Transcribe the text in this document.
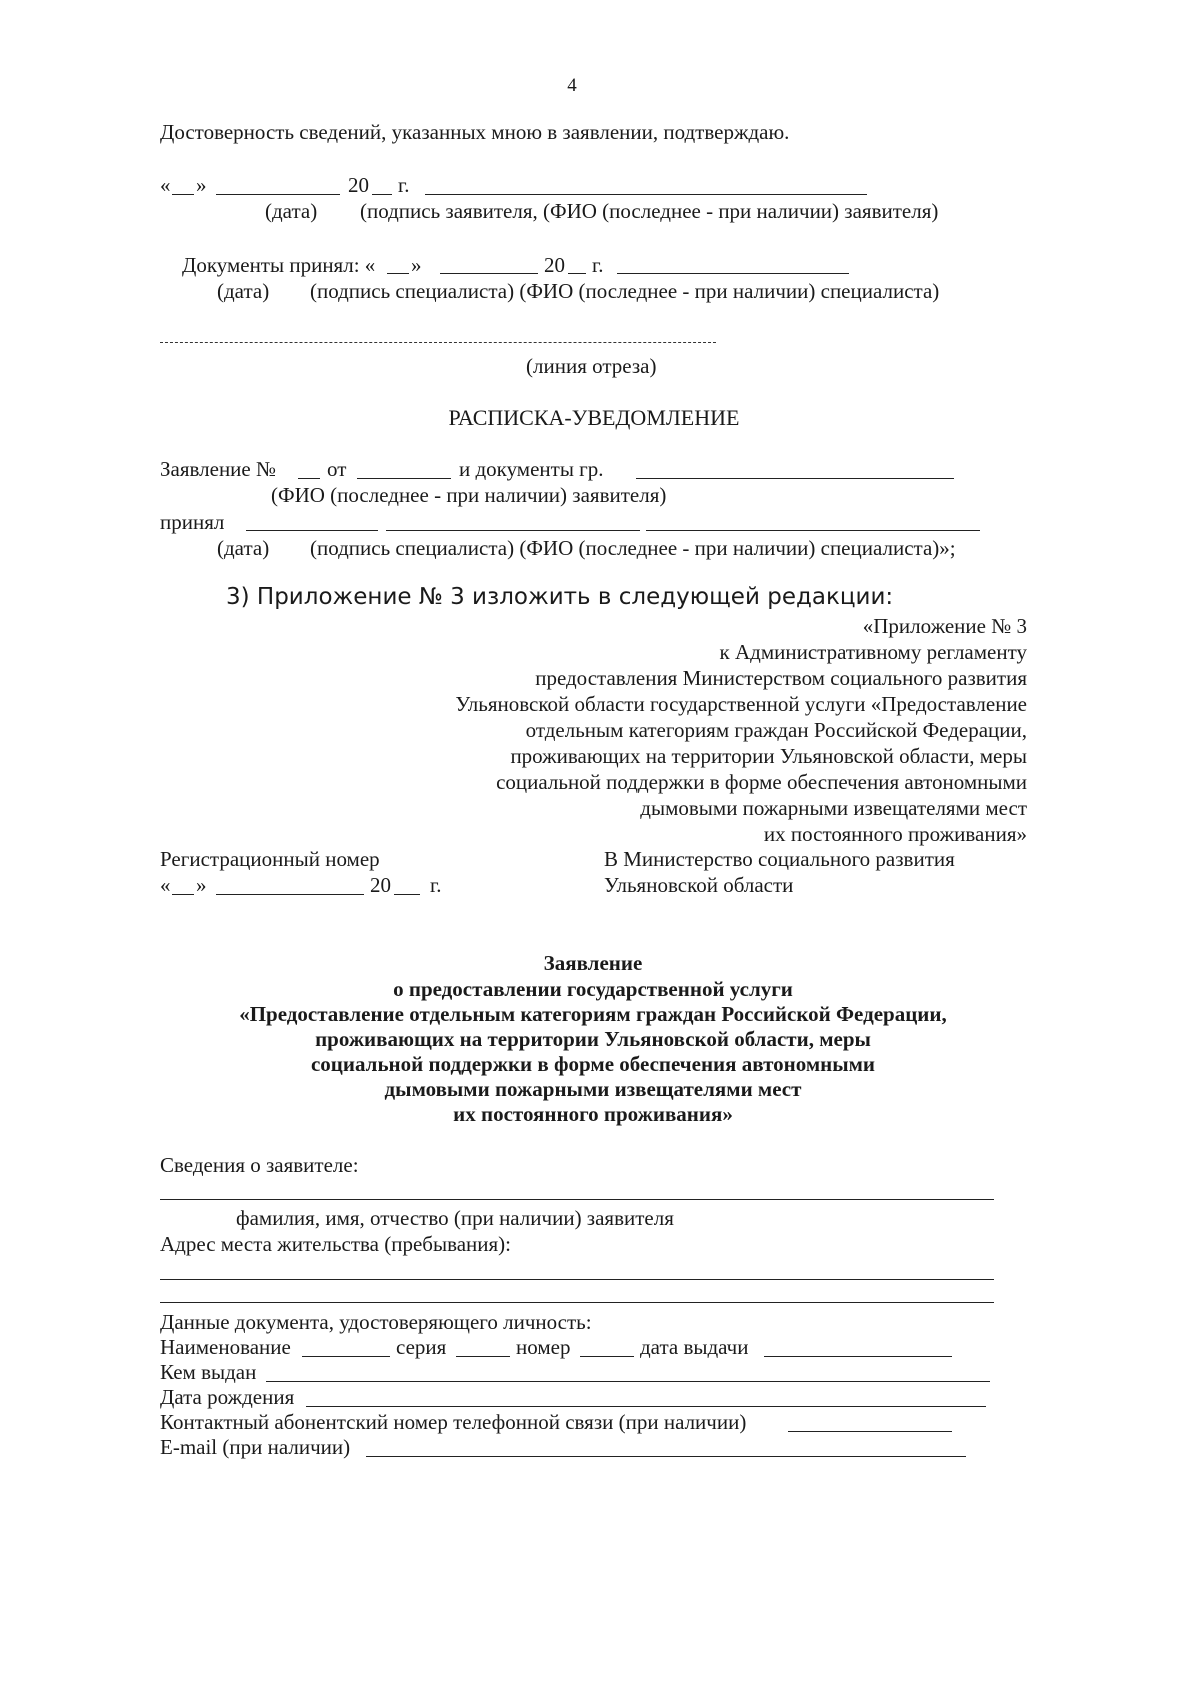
4
Достоверность сведений, указанных мною в заявлении, подтверждаю.
« »	20 г.
(дата) (подпись заявителя, (ФИО (последнее - при наличии) заявителя)
Документы принял: « »	20 г.
(дата) (подпись специалиста) (ФИО (последнее - при наличии) специалиста)
(линия отреза)
РАСПИСКА-УВЕДОМЛЕНИЕ
Заявление № от	и документы гр.
(ФИО (последнее - при наличии) заявителя)
принял
(дата) (подпись специалиста) (ФИО (последнее - при наличии) специалиста)»;
3) Приложение № 3 изложить в следующей редакции:
«Приложение № 3
к Административному регламенту
предоставления Министерством социального развития
Ульяновской области государственной услуги «Предоставление
отдельным категориям граждан Российской Федерации,
проживающих на территории Ульяновской области, меры
социальной поддержки в форме обеспечения автономными
дымовыми пожарными извещателями мест
их постоянного проживания»
Регистрационный номер
« »	20 г.
В Министерство социального развития
Ульяновской области
Заявление
о предоставлении государственной услуги
«Предоставление отдельным категориям граждан Российской Федерации,
проживающих на территории Ульяновской области, меры
социальной поддержки в форме обеспечения автономными
дымовыми пожарными извещателями мест
их постоянного проживания»
Сведения о заявителе:
фамилия, имя, отчество (при наличии) заявителя
Адрес места жительства (пребывания):
Данные документа, удостоверяющего личность:
Наименование	серия	номер	дата выдачи
Кем выдан
Дата рождения
Контактный абонентский номер телефонной связи (при наличии)
E-mail (при наличии)
